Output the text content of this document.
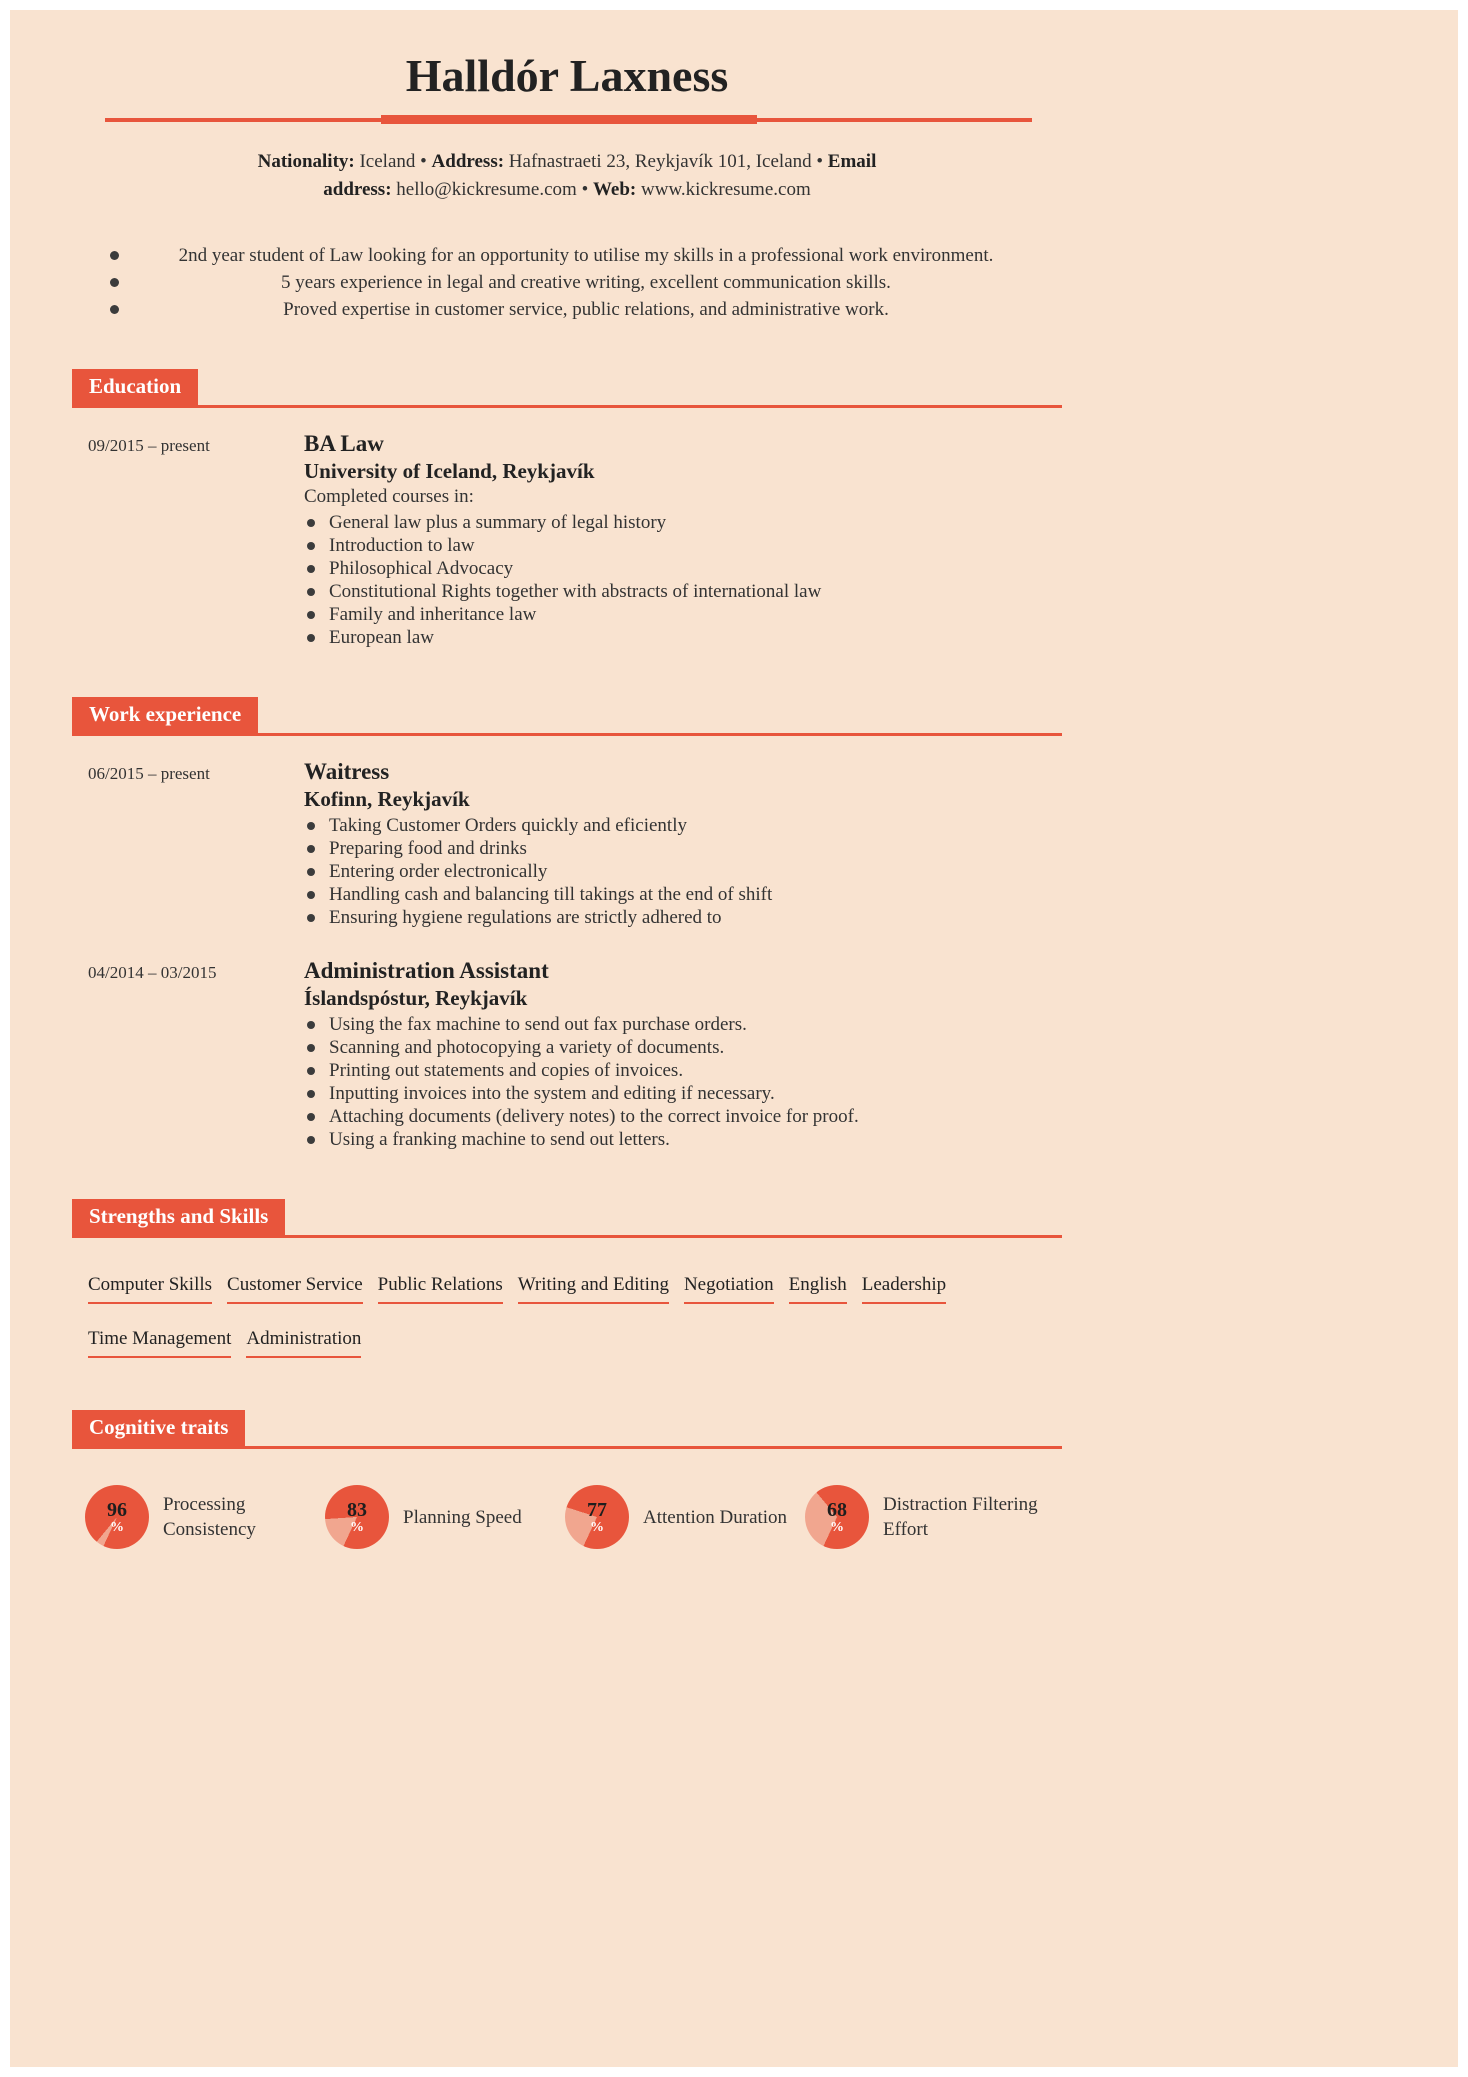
Halldór Laxness

Nationality: Iceland • Address: Hafnastraeti 23, Reykjavík 101, Iceland • Email address: hello@kickresume.com • Web: www.kickresume.com

2nd year student of Law looking for an opportunity to utilise my skills in a professional work environment.
5 years experience in legal and creative writing, excellent communication skills.
Proved expertise in customer service, public relations, and administrative work.
Education
09/2015 – present	BA Law
University of Iceland, Reykjavík
Completed courses in:
General law plus a summary of legal history
Introduction to law
Philosophical Advocacy
Constitutional Rights together with abstracts of international law
Family and inheritance law
European law
Work experience
06/2015 – present	Waitress
Kofinn, Reykjavík
Taking Customer Orders quickly and eficiently
Preparing food and drinks
Entering order electronically
Handling cash and balancing till takings at the end of shift
Ensuring hygiene regulations are strictly adhered to
04/2014 – 03/2015	Administration Assistant
Íslandspóstur, Reykjavík
Using the fax machine to send out fax purchase orders.
Scanning and photocopying a variety of documents.
Printing out statements and copies of invoices.
Inputting invoices into the system and editing if necessary.
Attaching documents (delivery notes) to the correct invoice for proof.
Using a franking machine to send out letters.
Strengths and Skills
Computer Skills Customer Service Public Relations Writing and Editing Negotiation English Leadership
Time Management Administration
Cognitive traits
96
%
Processing Consistency
83
% Planning Speed	77
% Attention Duration	68
%
Distraction Filtering Effort
